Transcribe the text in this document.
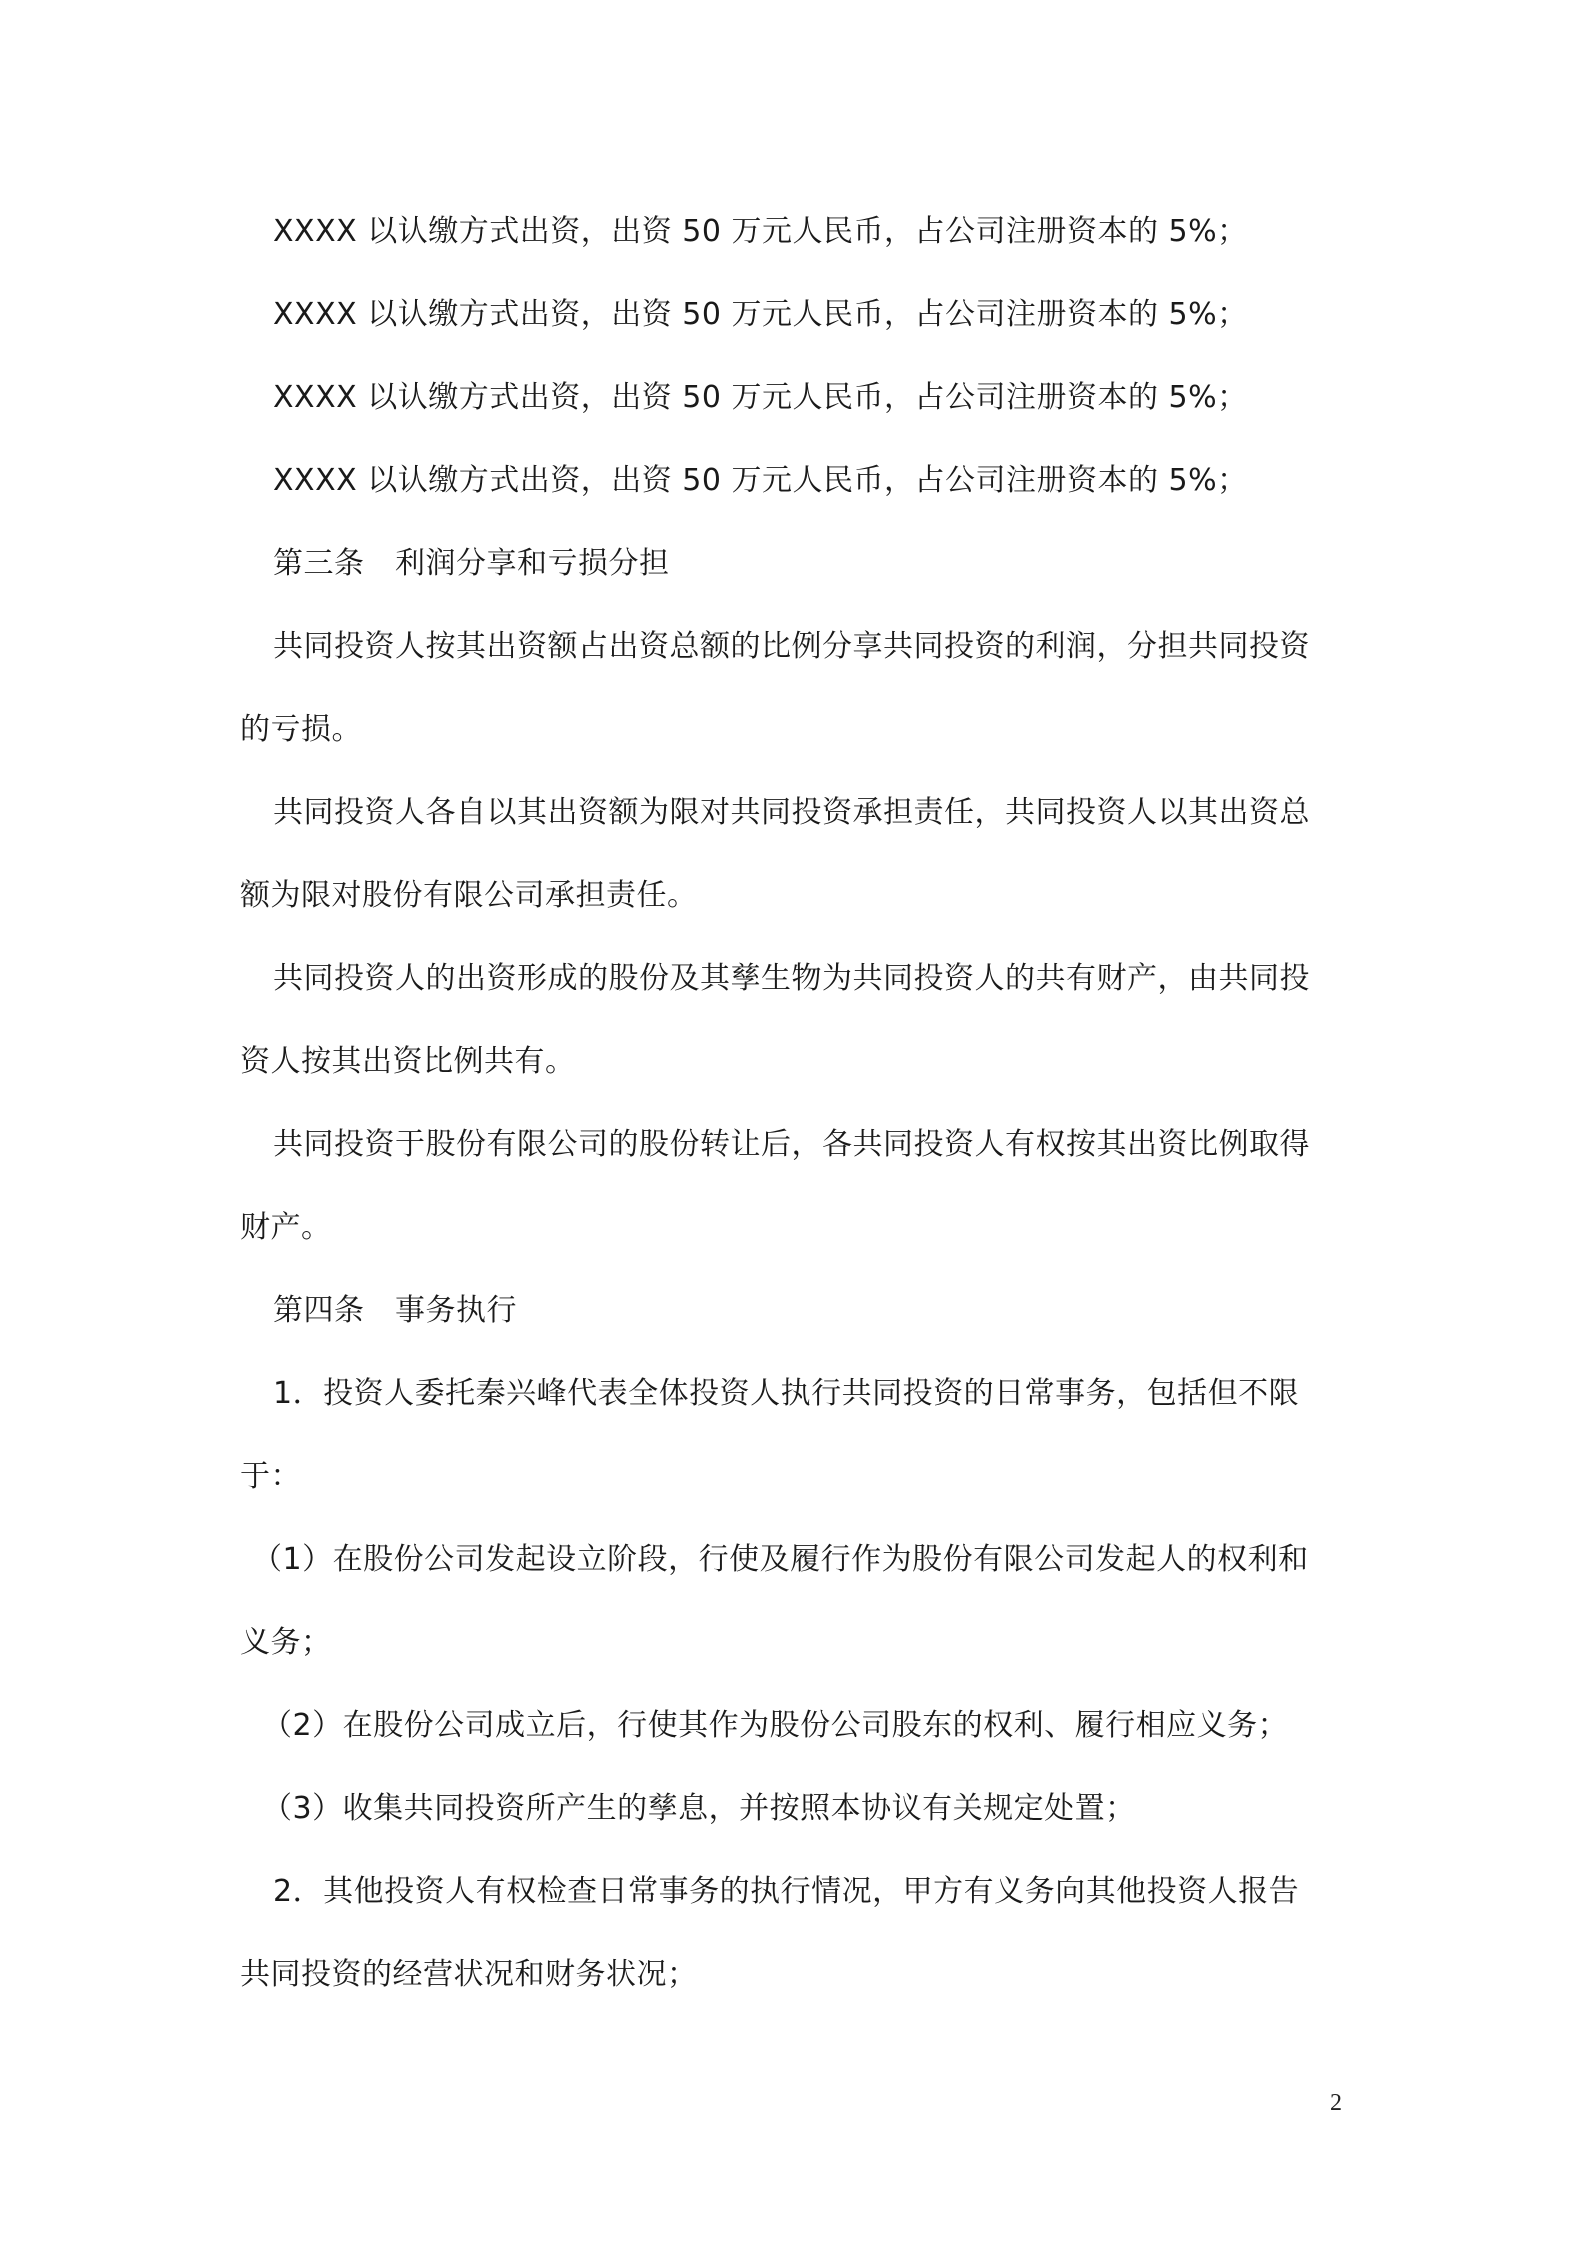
XXXX 以认缴方式出资，出资 50 万元人民币，占公司注册资本的 5%；
XXXX 以认缴方式出资，出资 50 万元人民币，占公司注册资本的 5%；
XXXX 以认缴方式出资，出资 50 万元人民币，占公司注册资本的 5%；
XXXX 以认缴方式出资，出资 50 万元人民币，占公司注册资本的 5%；
第三条　利润分享和亏损分担
共同投资人按其出资额占出资总额的比例分享共同投资的利润，分担共同投资
的亏损。
共同投资人各自以其出资额为限对共同投资承担责任，共同投资人以其出资总
额为限对股份有限公司承担责任。
共同投资人的出资形成的股份及其孳生物为共同投资人的共有财产，由共同投
资人按其出资比例共有。
共同投资于股份有限公司的股份转让后，各共同投资人有权按其出资比例取得
财产。
第四条　事务执行
1．投资人委托秦兴峰代表全体投资人执行共同投资的日常事务，包括但不限
于：
（1）在股份公司发起设立阶段，行使及履行作为股份有限公司发起人的权利和
义务；
（2）在股份公司成立后，行使其作为股份公司股东的权利、履行相应义务；
（3）收集共同投资所产生的孳息，并按照本协议有关规定处置；
2．其他投资人有权检查日常事务的执行情况，甲方有义务向其他投资人报告
共同投资的经营状况和财务状况；
2
